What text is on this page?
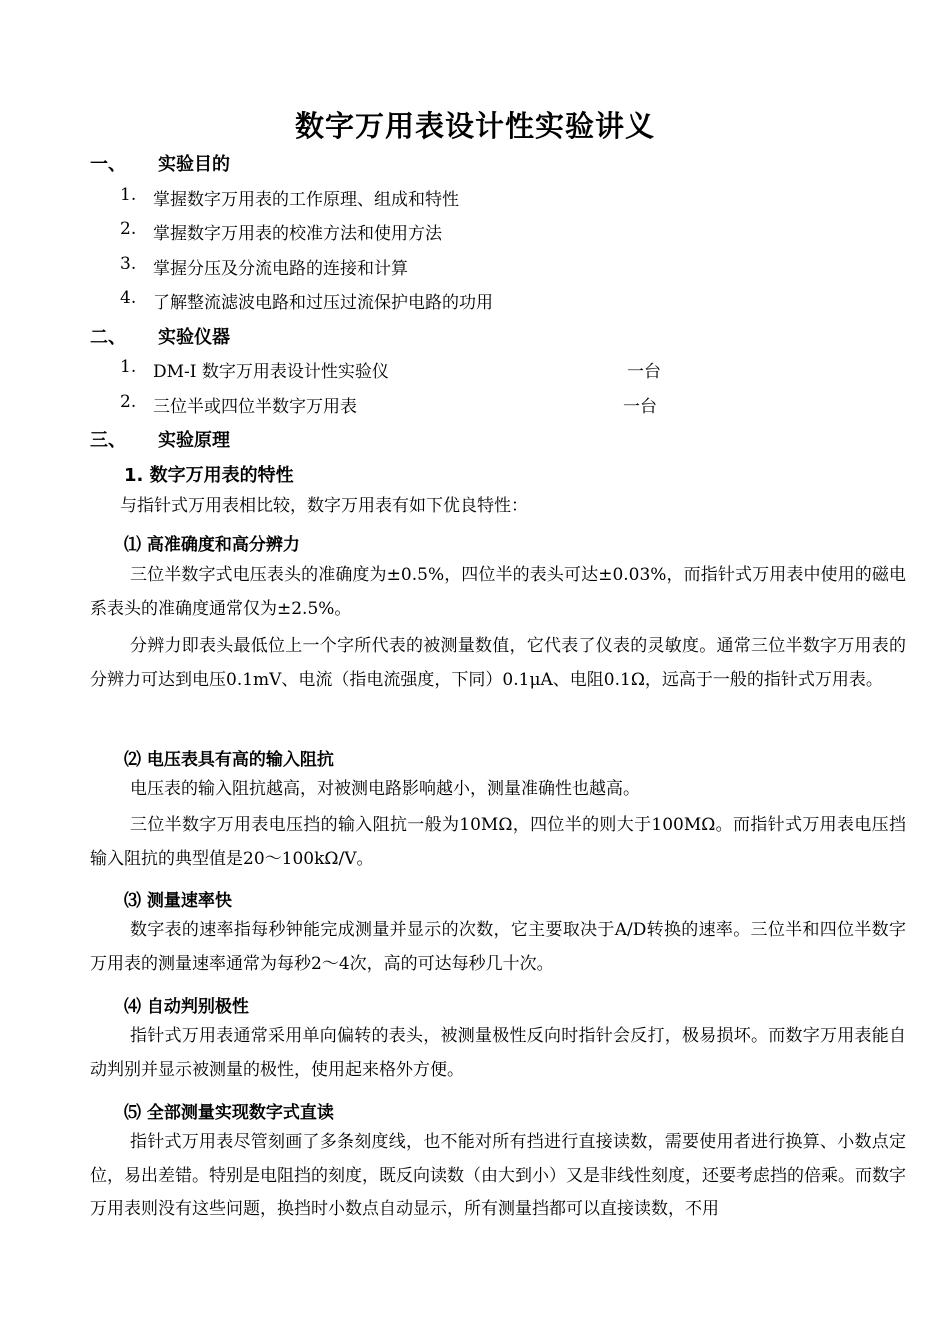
数字万用表设计性实验讲义
一、 实验目的
1. 掌握数字万用表的工作原理、组成和特性
2. 掌握数字万用表的校准方法和使用方法
3. 掌握分压及分流电路的连接和计算
4. 了解整流滤波电路和过压过流保护电路的功用
二、 实验仪器
1. DM-Ⅰ 数字万用表设计性实验仪	一台
2. 三位半或四位半数字万用表	一台
三、 实验原理
1. 数字万用表的特性

与指针式万用表相比较，数字万用表有如下优良特性：

⑴ 高准确度和高分辨力

三位半数字式电压表头的准确度为±0.5%，四位半的表头可达±0.03%，而指针式万用表中使用的磁电系表头的准确度通常仅为±2.5%。

分辨力即表头最低位上一个字所代表的被测量数值，它代表了仪表的灵敏度。通常三位半数字万用表的分辨力可达到电压0.1mV、电流（指电流强度，下同）0.1μA、电阻0.1Ω，远高于一般的指针式万用表。

⑵ 电压表具有高的输入阻抗

电压表的输入阻抗越高，对被测电路影响越小，测量准确性也越高。

三位半数字万用表电压挡的输入阻抗一般为10MΩ，四位半的则大于100MΩ。而指针式万用表电压挡输入阻抗的典型值是20～100kΩ/V。

⑶ 测量速率快

数字表的速率指每秒钟能完成测量并显示的次数，它主要取决于A/D转换的速率。三位半和四位半数字万用表的测量速率通常为每秒2～4次，高的可达每秒几十次。

⑷ 自动判别极性

指针式万用表通常采用单向偏转的表头，被测量极性反向时指针会反打，极易损坏。而数字万用表能自动判别并显示被测量的极性，使用起来格外方便。

⑸ 全部测量实现数字式直读

指针式万用表尽管刻画了多条刻度线，也不能对所有挡进行直接读数，需要使用者进行换算、小数点定位，易出差错。特别是电阻挡的刻度，既反向读数（由大到小）又是非线性刻度，还要考虑挡的倍乘。而数字万用表则没有这些问题，换挡时小数点自动显示，所有测量挡都可以直接读数，不用
